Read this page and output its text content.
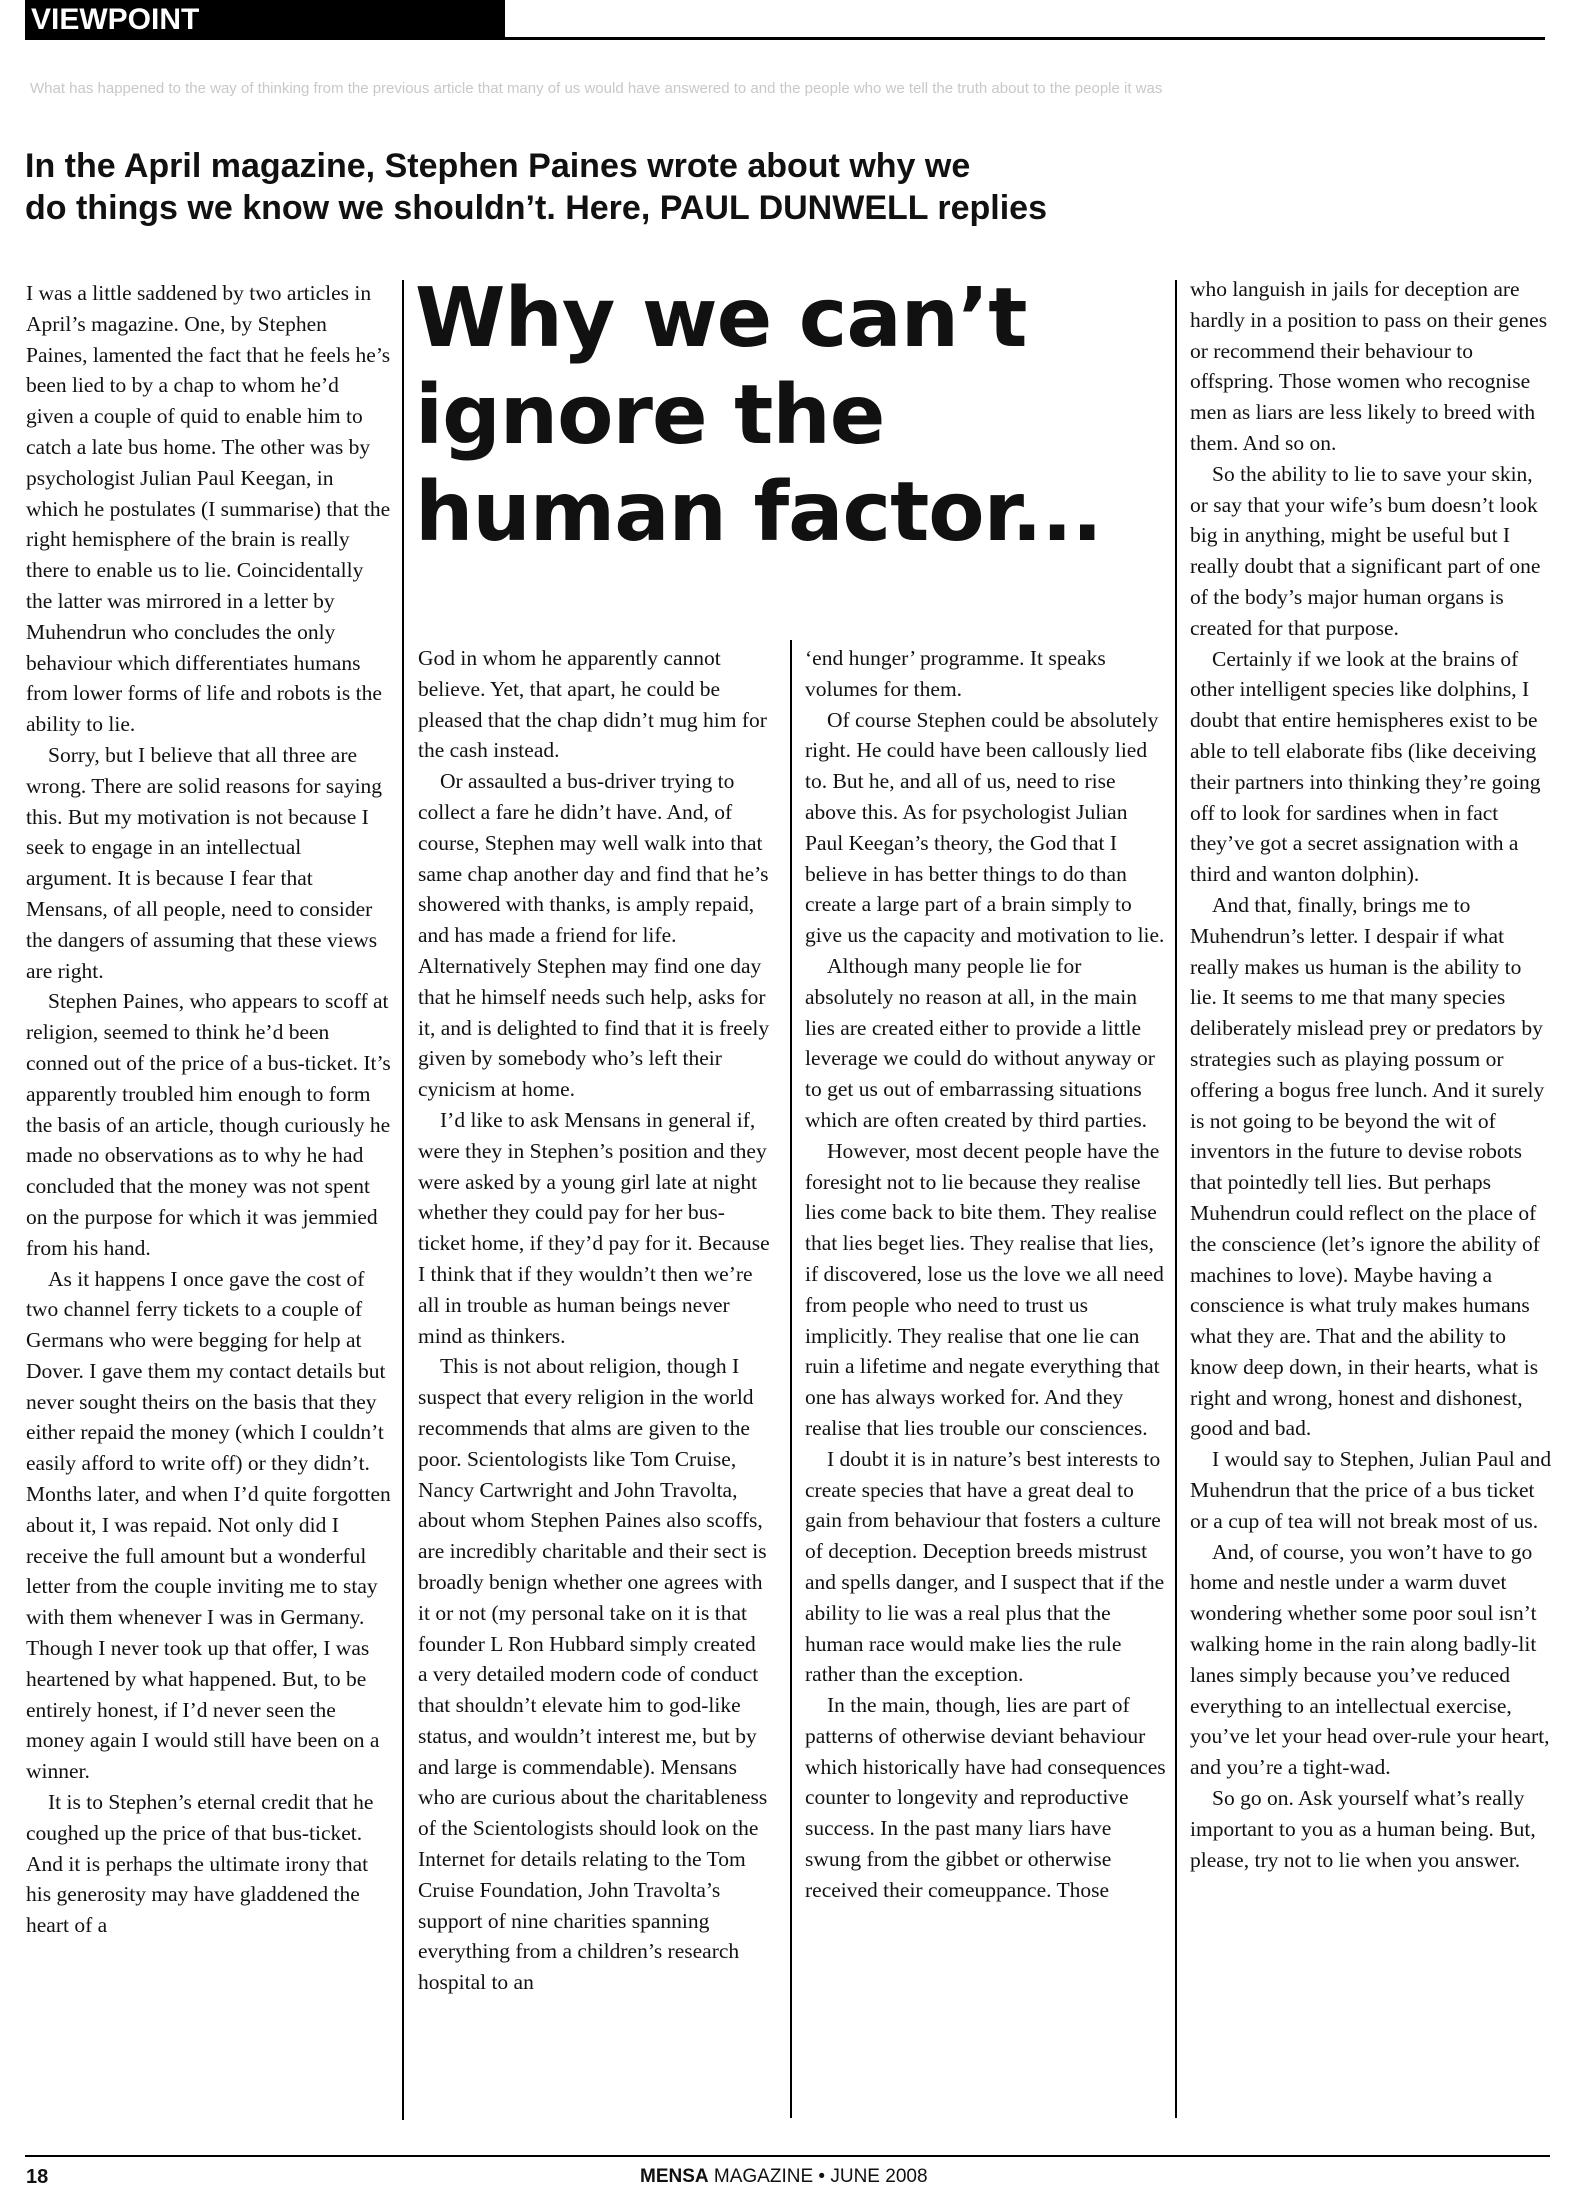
VIEWPOINT
What has happened to the way of thinking from the previous article that many of us would have answered to and the people who we tell the truth about to the people it was
In the April magazine, Stephen Paines wrote about why we
do things we know we shouldn’t. Here, PAUL DUNWELL replies
Why we can’t
ignore the
human factor...

I was a little saddened by two articles in April’s magazine. One, by Stephen Paines, lamented the fact that he feels he’s been lied to by a chap to whom he’d given a couple of quid to enable him to catch a late bus home. The other was by psychologist Julian Paul Keegan, in which he postulates (I summarise) that the right hemisphere of the brain is really there to enable us to lie. Coincidentally the latter was mirrored in a letter by Muhendrun who concludes the only behaviour which differentiates humans from lower forms of life and robots is the ability to lie.

Sorry, but I believe that all three are wrong. There are solid reasons for saying this. But my motivation is not because I seek to engage in an intellectual argument. It is because I fear that Mensans, of all people, need to consider the dangers of assuming that these views are right.

Stephen Paines, who appears to scoff at religion, seemed to think he’d been conned out of the price of a bus-ticket. It’s apparently troubled him enough to form the basis of an article, though curiously he made no observations as to why he had concluded that the money was not spent on the purpose for which it was jemmied from his hand.

As it happens I once gave the cost of two channel ferry tickets to a couple of Germans who were begging for help at Dover. I gave them my contact details but never sought theirs on the basis that they either repaid the money (which I couldn’t easily afford to write off) or they didn’t. Months later, and when I’d quite forgotten about it, I was repaid. Not only did I receive the full amount but a wonderful letter from the couple inviting me to stay with them whenever I was in Germany. Though I never took up that offer, I was heartened by what happened. But, to be entirely honest, if I’d never seen the money again I would still have been on a winner.

It is to Stephen’s eternal credit that he coughed up the price of that bus-ticket. And it is perhaps the ultimate irony that his generosity may have gladdened the heart of a

God in whom he apparently cannot believe. Yet, that apart, he could be pleased that the chap didn’t mug him for the cash instead.

Or assaulted a bus-driver trying to collect a fare he didn’t have. And, of course, Stephen may well walk into that same chap another day and find that he’s showered with thanks, is amply repaid, and has made a friend for life. Alternatively Stephen may find one day that he himself needs such help, asks for it, and is delighted to find that it is freely given by somebody who’s left their cynicism at home.

I’d like to ask Mensans in general if, were they in Stephen’s position and they were asked by a young girl late at night whether they could pay for her bus-ticket home, if they’d pay for it. Because I think that if they wouldn’t then we’re all in trouble as human beings never mind as thinkers.

This is not about religion, though I suspect that every religion in the world recommends that alms are given to the poor. Scientologists like Tom Cruise, Nancy Cartwright and John Travolta, about whom Stephen Paines also scoffs, are incredibly charitable and their sect is broadly benign whether one agrees with it or not (my personal take on it is that founder L Ron Hubbard simply created a very detailed modern code of conduct that shouldn’t elevate him to god-like status, and wouldn’t interest me, but by and large is commendable). Mensans who are curious about the charitableness of the Scientologists should look on the Internet for details relating to the Tom Cruise Foundation, John Travolta’s support of nine charities spanning everything from a children’s research hospital to an

‘end hunger’ programme. It speaks volumes for them.

Of course Stephen could be absolutely right. He could have been callously lied to. But he, and all of us, need to rise above this. As for psychologist Julian Paul Keegan’s theory, the God that I believe in has better things to do than create a large part of a brain simply to give us the capacity and motivation to lie.

Although many people lie for absolutely no reason at all, in the main lies are created either to provide a little leverage we could do without anyway or to get us out of embarrassing situations which are often created by third parties.

However, most decent people have the foresight not to lie because they realise lies come back to bite them. They realise that lies beget lies. They realise that lies, if discovered, lose us the love we all need from people who need to trust us implicitly. They realise that one lie can ruin a lifetime and negate everything that one has always worked for. And they realise that lies trouble our consciences.

I doubt it is in nature’s best interests to create species that have a great deal to gain from behaviour that fosters a culture of deception. Deception breeds mistrust and spells danger, and I suspect that if the ability to lie was a real plus that the human race would make lies the rule rather than the exception.

In the main, though, lies are part of patterns of otherwise deviant behaviour which historically have had consequences counter to longevity and reproductive success. In the past many liars have swung from the gibbet or otherwise received their comeuppance. Those

who languish in jails for deception are hardly in a position to pass on their genes or recommend their behaviour to offspring. Those women who recognise men as liars are less likely to breed with them. And so on.

So the ability to lie to save your skin, or say that your wife’s bum doesn’t look big in anything, might be useful but I really doubt that a significant part of one of the body’s major human organs is created for that purpose.

Certainly if we look at the brains of other intelligent species like dolphins, I doubt that entire hemispheres exist to be able to tell elaborate fibs (like deceiving their partners into thinking they’re going off to look for sardines when in fact they’ve got a secret assignation with a third and wanton dolphin).

And that, finally, brings me to Muhendrun’s letter. I despair if what really makes us human is the ability to lie. It seems to me that many species deliberately mislead prey or predators by strategies such as playing possum or offering a bogus free lunch. And it surely is not going to be beyond the wit of inventors in the future to devise robots that pointedly tell lies. But perhaps Muhendrun could reflect on the place of the conscience (let’s ignore the ability of machines to love). Maybe having a conscience is what truly makes humans what they are. That and the ability to know deep down, in their hearts, what is right and wrong, honest and dishonest, good and bad.

I would say to Stephen, Julian Paul and Muhendrun that the price of a bus ticket or a cup of tea will not break most of us.

And, of course, you won’t have to go home and nestle under a warm duvet wondering whether some poor soul isn’t walking home in the rain along badly-lit lanes simply because you’ve reduced everything to an intellectual exercise, you’ve let your head over-rule your heart, and you’re a tight-wad.

So go on. Ask yourself what’s really important to you as a human being. But, please, try not to lie when you answer.

18	MENSA MAGAZINE • JUNE 2008
